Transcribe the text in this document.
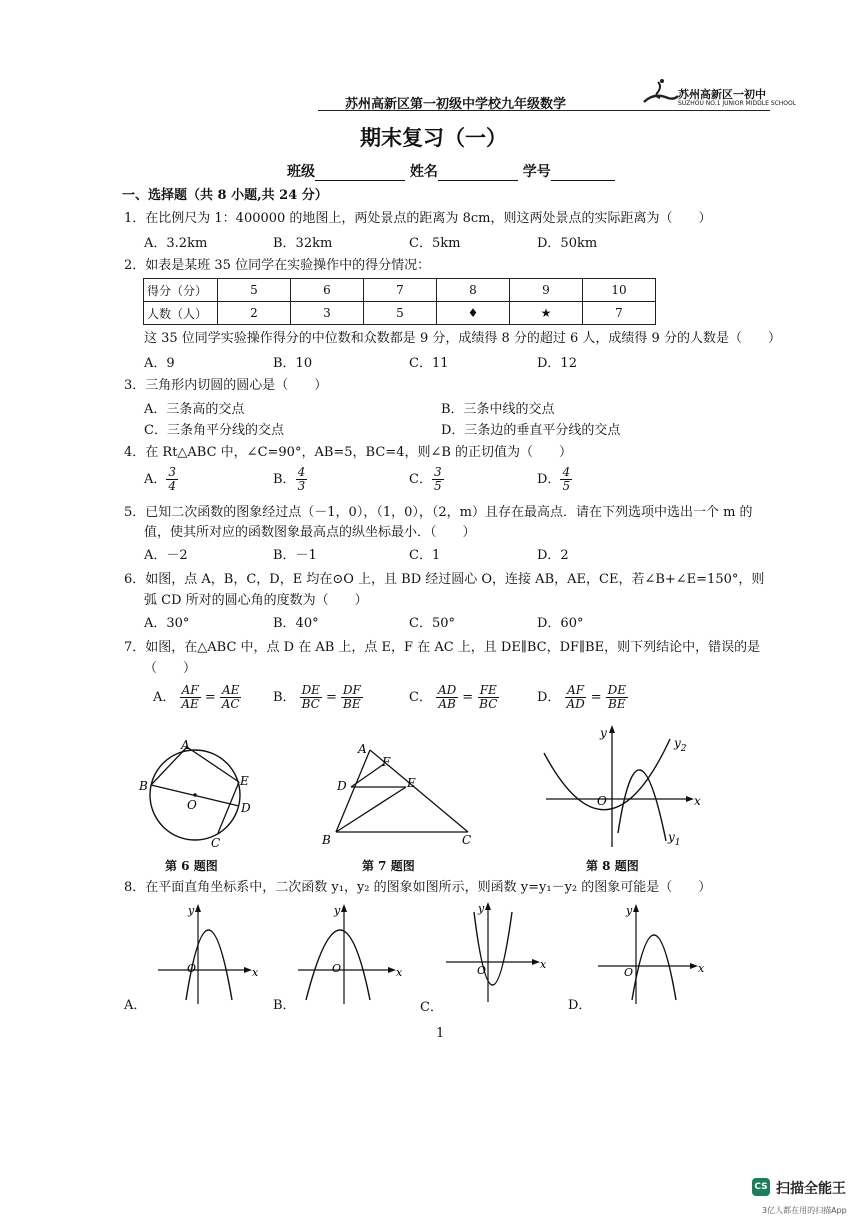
苏州高新区第一初级中学校九年级数学
苏州高新区一初中
SUZHOU NO.1 JUNIOR MIDDLE SCHOOL
期末复习（一）
班级	姓名	学号
一、选择题（共 8 小题,共 24 分）
1．在比例尺为 1：400000 的地图上，两处景点的距离为 8cm，则这两处景点的实际距离为（　　）
A．3.2km	B．32km	C．5km	D．50km
2．如表是某班 35 位同学在实验操作中的得分情况：
得分（分）	5	6	7	8	9	10
人数（人）	2	3	5	♦	★	7
这 35 位同学实验操作得分的中位数和众数都是 9 分，成绩得 8 分的超过 6 人，成绩得 9 分的人数是（　　）
A．9	B．10	C．11	D．12
3．三角形内切圆的圆心是（　　）
A．三条高的交点	B．三条中线的交点
C．三条角平分线的交点	D．三条边的垂直平分线的交点
4．在 Rt△ABC 中，∠C=90°，AB=5，BC=4，则∠B 的正切值为（　　）
A． $\frac{3}{4}$	B． $\frac{4}{3}$	C． $\frac{3}{5}$	D． $\frac{4}{5}$
5．已知二次函数的图象经过点（－1，0），（1，0），（2，m）且存在最高点．请在下列选项中选出一个 m 的
值，使其所对应的函数图象最高点的纵坐标最小．（　　）
A．－2	B．－1	C．1	D．2
6．如图，点 A，B，C，D，E 均在⊙O 上，且 BD 经过圆心 O，连接 AB，AE，CE，若∠B+∠E=150°，则
弧 CD 所对的圆心角的度数为（　　）
A．30°	B．40°	C．50°	D．60°
7．如图，在△ABC 中，点 D 在 AB 上，点 E，F 在 AC 上，且 DE∥BC，DF∥BE，则下列结论中，错误的是
（　　）
A． $\frac{AF}{AE} = \frac{AE}{AC}$ B． $\frac{DE}{BC} = \frac{DF}{BE}$	C． $\frac{AD}{AB} = \frac{FE}{BC}$	D． $\frac{AF}{AD} = \frac{DE}{BE}$
A
B
C
D
E
O
第 6 题图
A
F
D	E
B	C
第 7 题图
y
x
O
$y_2$
$y_1$
第 8 题图
8．在平面直角坐标系中，二次函数 y₁，y₂ 的图象如图所示，则函数 y=y₁－y₂ 的图象可能是（　　）
y
x
O
A．
y
x
O
B．
y
x
O
C．
y
x
O
D．
1
CS 扫描全能王
3亿人都在用的扫描App
